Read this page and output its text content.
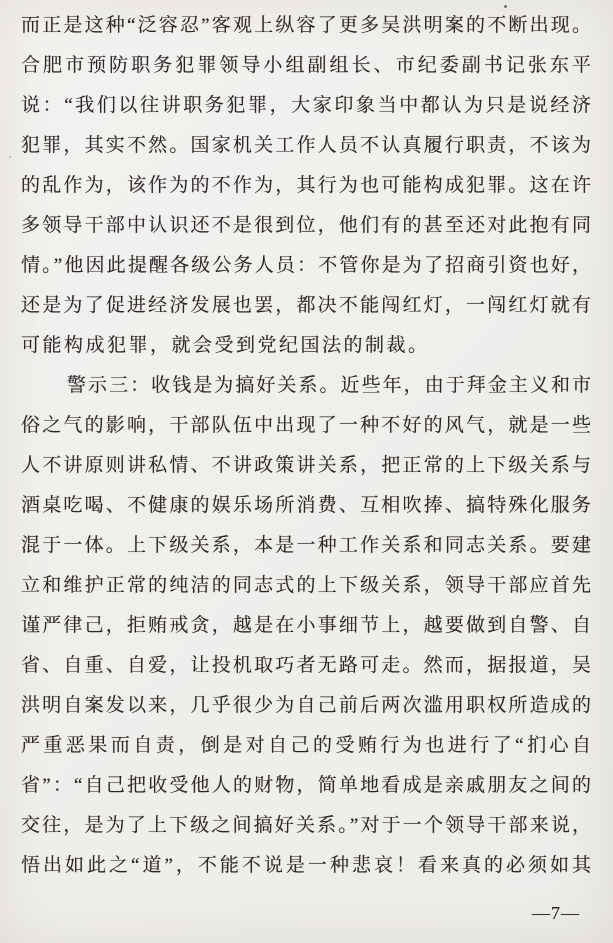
而正是这种“泛容忍”客观上纵容了更多吴洪明案的不断出现。
合肥市预防职务犯罪领导小组副组长、市纪委副书记张东平
说：“我们以往讲职务犯罪，大家印象当中都认为只是说经济
犯罪，其实不然。国家机关工作人员不认真履行职责，不该为
的乱作为，该作为的不作为，其行为也可能构成犯罪。这在许
多领导干部中认识还不是很到位，他们有的甚至还对此抱有同
情。”他因此提醒各级公务人员：不管你是为了招商引资也好，
还是为了促进经济发展也罢，都决不能闯红灯，一闯红灯就有
可能构成犯罪，就会受到党纪国法的制裁。
警示三：收钱是为搞好关系。近些年，由于拜金主义和市
俗之气的影响，干部队伍中出现了一种不好的风气，就是一些
人不讲原则讲私情、不讲政策讲关系，把正常的上下级关系与
酒桌吃喝、不健康的娱乐场所消费、互相吹捧、搞特殊化服务
混于一体。上下级关系，本是一种工作关系和同志关系。要建
立和维护正常的纯洁的同志式的上下级关系，领导干部应首先
谨严律己，拒贿戒贪，越是在小事细节上，越要做到自警、自
省、自重、自爱，让投机取巧者无路可走。然而，据报道，吴
洪明自案发以来，几乎很少为自己前后两次滥用职权所造成的
严重恶果而自责，倒是对自己的受贿行为也进行了“扪心自
省”：“自己把收受他人的财物，简单地看成是亲戚朋友之间的
交往，是为了上下级之间搞好关系。”对于一个领导干部来说，
悟出如此之“道”，不能不说是一种悲哀！看来真的必须如其
—7—
